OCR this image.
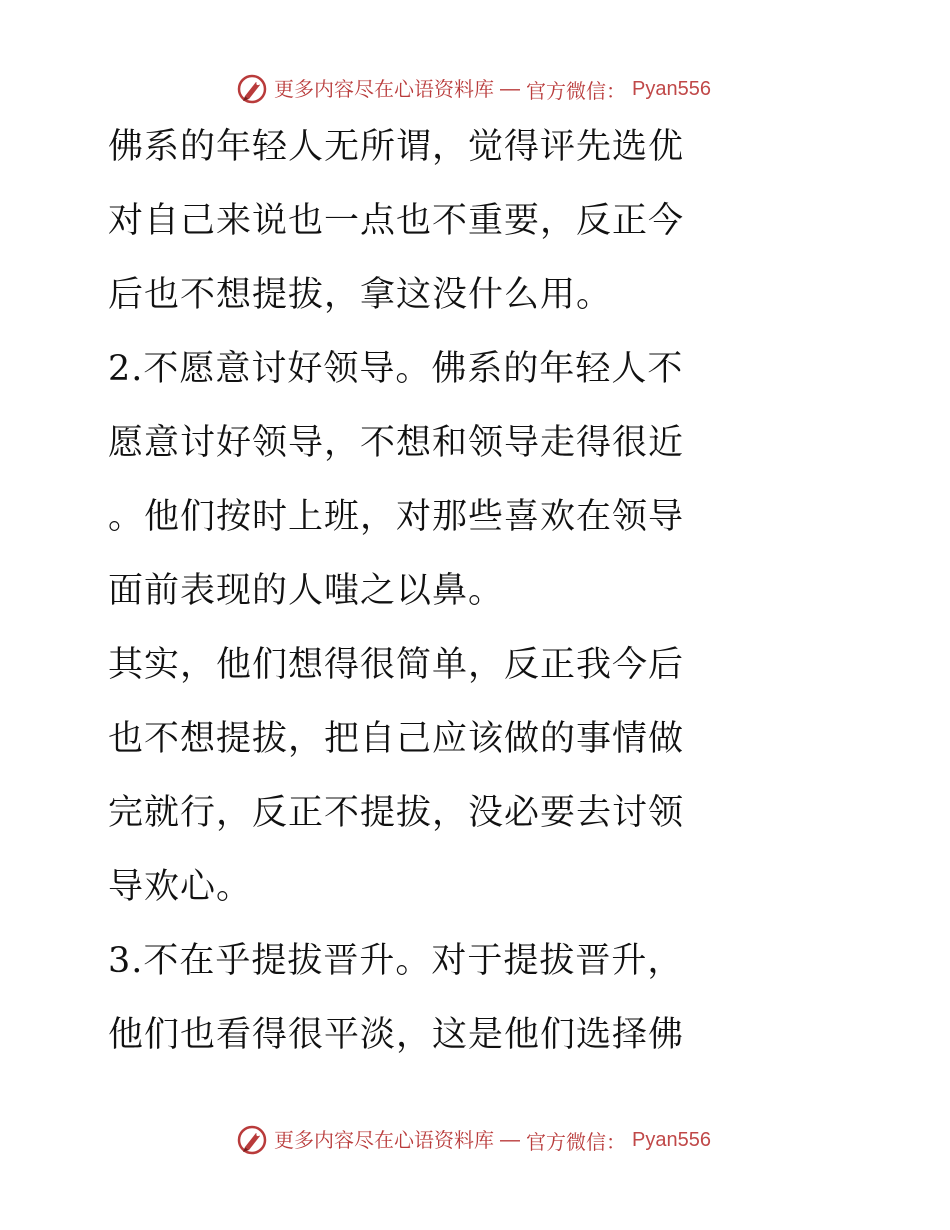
更多内容尽在心语资料库 — 官方微信： Pyan556
佛系的年轻人无所谓，觉得评先选优
对自己来说也一点也不重要，反正今
后也不想提拔，拿这没什么用。
2.不愿意讨好领导。佛系的年轻人不
愿意讨好领导，不想和领导走得很近
。他们按时上班，对那些喜欢在领导
面前表现的人嗤之以鼻。
其实，他们想得很简单，反正我今后
也不想提拔，把自己应该做的事情做
完就行，反正不提拔，没必要去讨领
导欢心。
3.不在乎提拔晋升。对于提拔晋升，
他们也看得很平淡，这是他们选择佛
更多内容尽在心语资料库 — 官方微信： Pyan556
